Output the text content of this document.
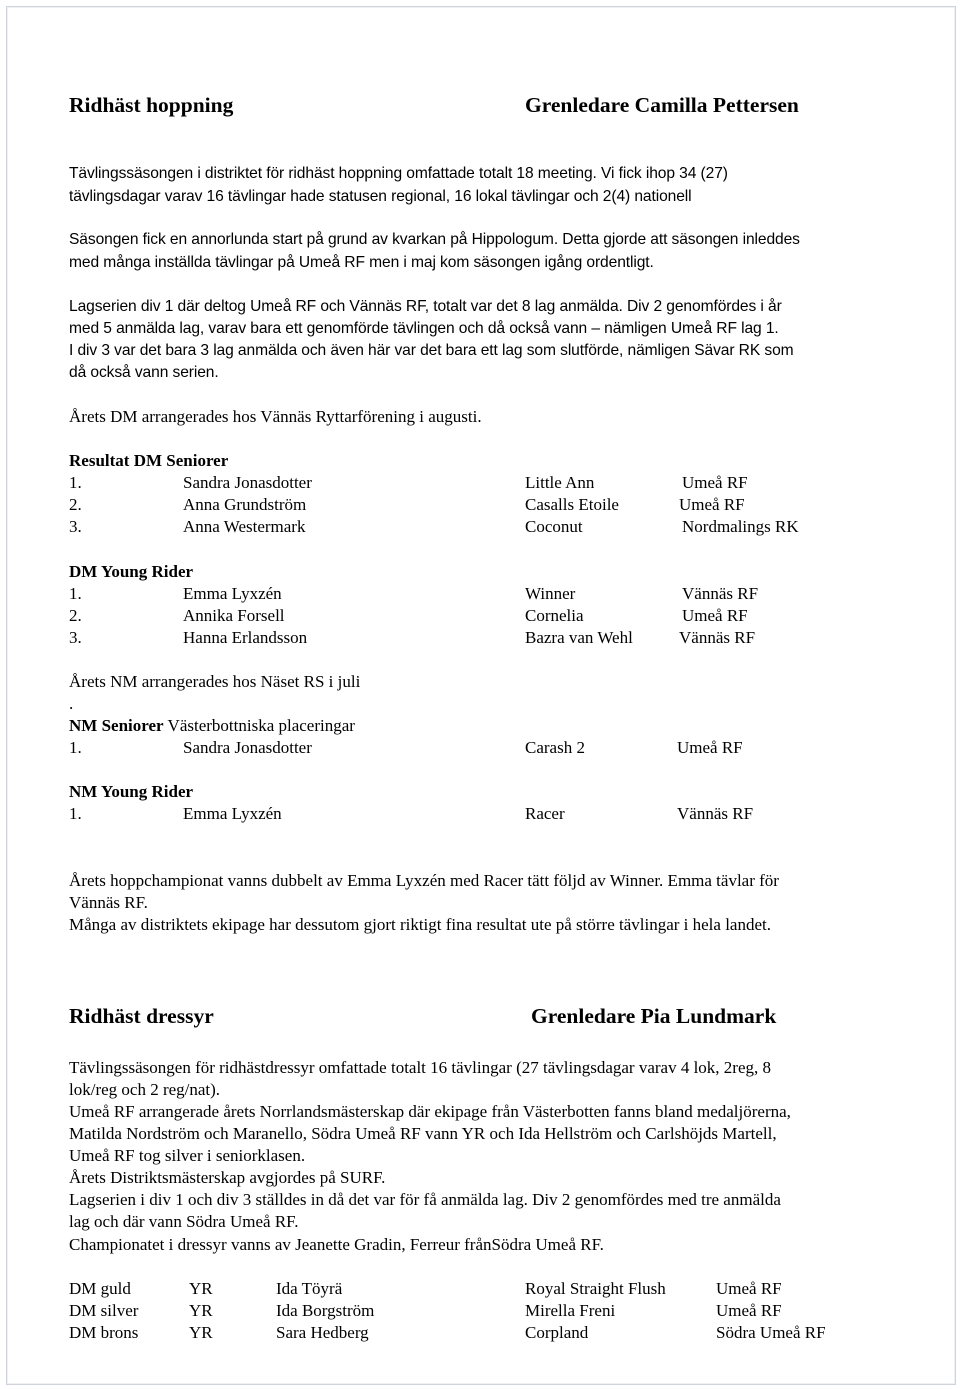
Ridhäst hoppning	Grenledare Camilla Pettersen
Tävlingssäsongen i distriktet för ridhäst hoppning omfattade totalt 18 meeting. Vi fick ihop 34 (27)
tävlingsdagar varav 16 tävlingar hade statusen regional, 16 lokal tävlingar och 2(4) nationell
Säsongen fick en annorlunda start på grund av kvarkan på Hippologum. Detta gjorde att säsongen inleddes
med många inställda tävlingar på Umeå RF men i maj kom säsongen igång ordentligt.
Lagserien div 1 där deltog Umeå RF och Vännäs RF, totalt var det 8 lag anmälda. Div 2 genomfördes i år
med 5 anmälda lag, varav bara ett genomförde tävlingen och då också vann – nämligen Umeå RF lag 1.
I div 3 var det bara 3 lag anmälda och även här var det bara ett lag som slutförde, nämligen Sävar RK som
då också vann serien.
Årets DM arrangerades hos Vännäs Ryttarförening i augusti.
Resultat DM Seniorer
1.	Sandra Jonasdotter	Little Ann	Umeå RF
2.	Anna Grundström	Casalls Etoile	Umeå RF
3.	Anna Westermark	Coconut	Nordmalings RK
DM Young Rider
1.	Emma Lyxzén	Winner	Vännäs RF
2.	Annika Forsell	Cornelia	Umeå RF
3.	Hanna Erlandsson	Bazra van Wehl	Vännäs RF
Årets NM arrangerades hos Näset RS i juli
.
NM Seniorer Västerbottniska placeringar
1.	Sandra Jonasdotter	Carash 2	Umeå RF
NM Young Rider
1.	Emma Lyxzén	Racer	Vännäs RF
Årets hoppchampionat vanns dubbelt av Emma Lyxzén med Racer tätt följd av Winner. Emma tävlar för
Vännäs RF.
Många av distriktets ekipage har dessutom gjort riktigt fina resultat ute på större tävlingar i hela landet.
Ridhäst dressyr	Grenledare Pia Lundmark
Tävlingssäsongen för ridhästdressyr omfattade totalt 16 tävlingar (27 tävlingsdagar varav 4 lok, 2reg, 8
lok/reg och 2 reg/nat).
Umeå RF arrangerade årets Norrlandsmästerskap där ekipage från Västerbotten fanns bland medaljörerna,
Matilda Nordström och Maranello, Södra Umeå RF vann YR och Ida Hellström och Carlshöjds Martell,
Umeå RF tog silver i seniorklasen.
Årets Distriktsmästerskap avgjordes på SURF.
Lagserien i div 1 och div 3 ställdes in då det var för få anmälda lag. Div 2 genomfördes med tre anmälda
lag och där vann Södra Umeå RF.
Championatet i dressyr vanns av Jeanette Gradin, Ferreur frånSödra Umeå RF.
DM guld	YR	Ida Töyrä	Royal Straight Flush	Umeå RF
DM silver	YR	Ida Borgström	Mirella Freni	Umeå RF
DM brons	YR	Sara Hedberg	Corpland	Södra Umeå RF
